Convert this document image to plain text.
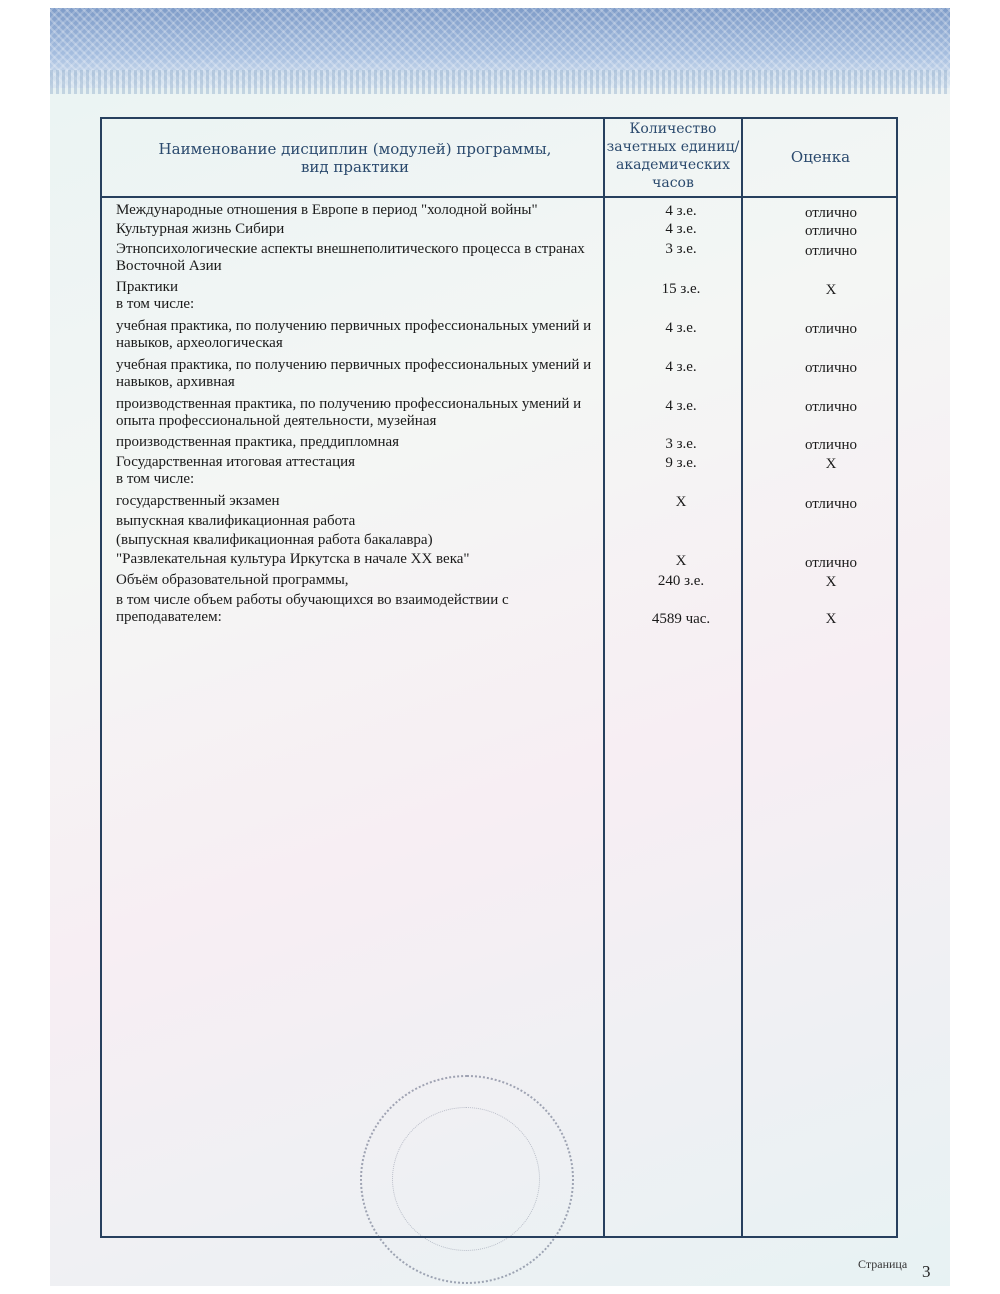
Наименование дисциплин (модулей) программы,
вид практики
Количество
зачетных единиц/
академических
часов
Оценка
Международные отношения в Европе в период "холодной войны"	4 з.е.	отлично
Культурная жизнь Сибири	4 з.е.	отлично
Этнопсихологические аспекты внешнеполитического процесса в странах
Восточной Азии
3 з.е.	отлично
Практики
в том числе:
15 з.е.	X
учебная практика, по получению первичных профессиональных умений и
навыков, археологическая
4 з.е.	отлично
учебная практика, по получению первичных профессиональных умений и
навыков, архивная
4 з.е.	отлично
производственная практика, по получению профессиональных умений и
опыта профессиональной деятельности, музейная
4 з.е.	отлично
производственная практика, преддипломная	3 з.е.	отлично
Государственная итоговая аттестация
в том числе:
9 з.е.	X
государственный экзамен	X	отлично
выпускная квалификационная работа
(выпускная квалификационная работа бакалавра)
"Развлекательная культура Иркутска в начале XX века"	X	отлично
Объём образовательной программы,	240 з.е.	X
в том числе объем работы обучающихся во взаимодействии с
преподавателем:	4589 час.	X
Страница 3
